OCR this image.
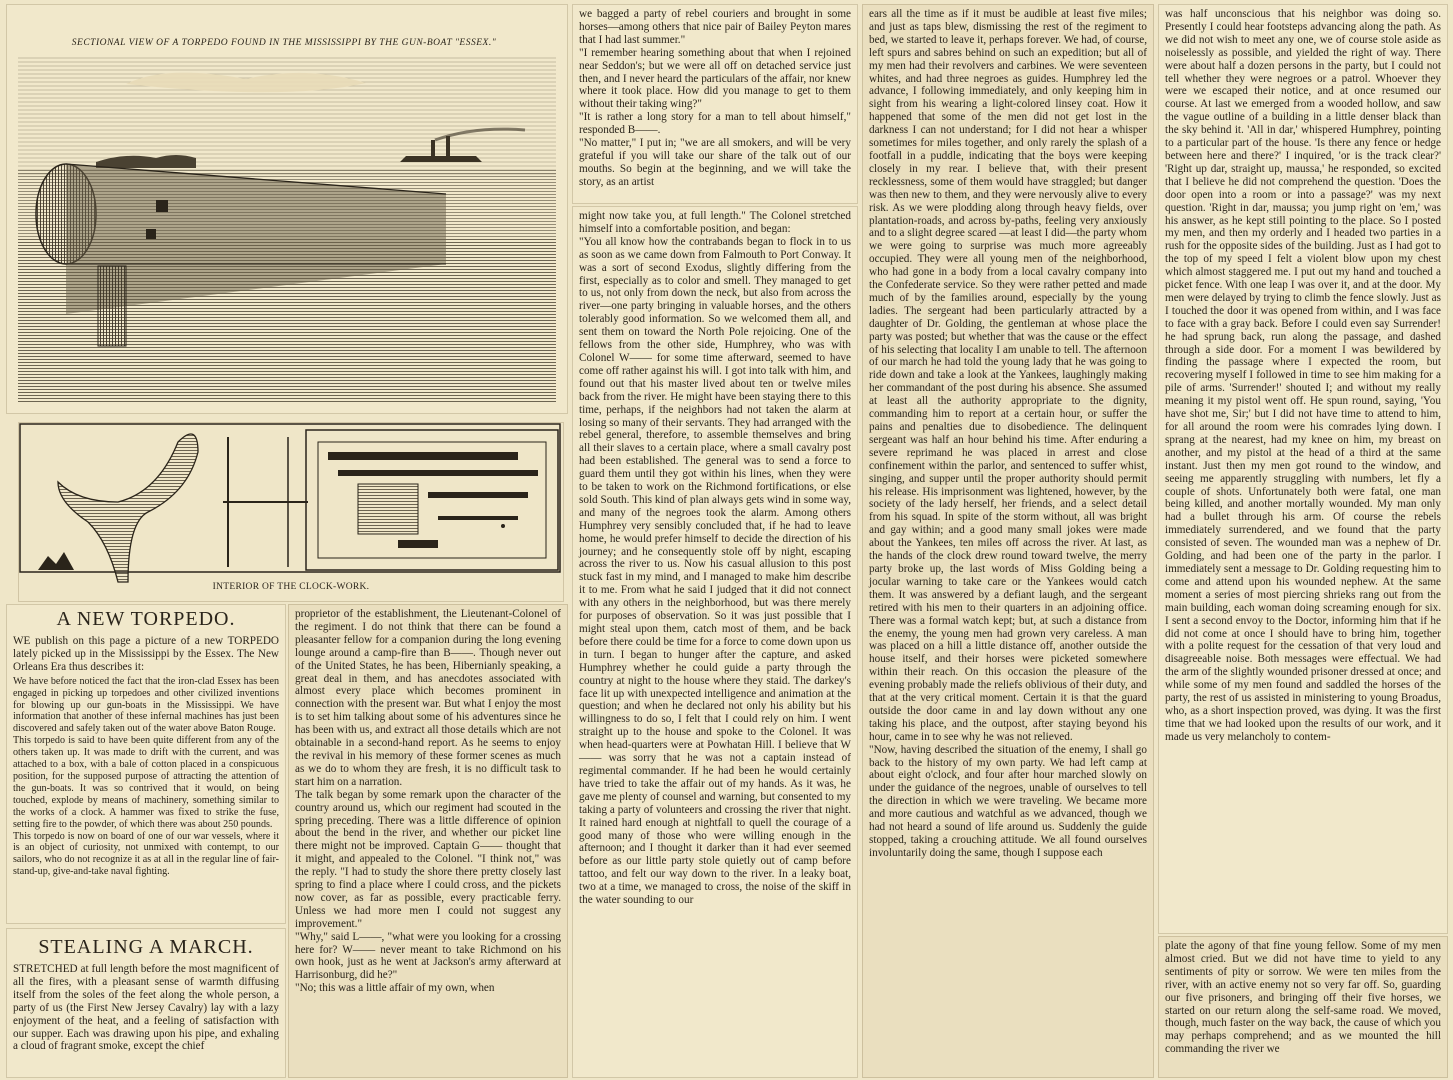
SECTIONAL VIEW OF A TORPEDO FOUND IN THE MISSISSIPPI BY THE GUN-BOAT "ESSEX."
INTERIOR OF THE CLOCK-WORK.
A NEW TORPEDO.

WE publish on this page a picture of a new TORPEDO lately picked up in the Mississippi by the Essex. The New Orleans Era thus describes it:

We have before noticed the fact that the iron-clad Essex has been engaged in picking up torpedoes and other civilized inventions for blowing up our gun-boats in the Mississippi. We have information that another of these infernal machines has just been discovered and safely taken out of the water above Baton Rouge.
This torpedo is said to have been quite different from any of the others taken up. It was made to drift with the current, and was attached to a box, with a bale of cotton placed in a conspicuous position, for the supposed purpose of attracting the attention of the gun-boats. It was so contrived that it would, on being touched, explode by means of machinery, something similar to the works of a clock. A hammer was fixed to strike the fuse, setting fire to the powder, of which there was about 250 pounds.
This torpedo is now on board of one of our war vessels, where it is an object of curiosity, not unmixed with contempt, to our sailors, who do not recognize it as at all in the regular line of fair-stand-up, give-and-take naval fighting.

STEALING A MARCH.

STRETCHED at full length before the most magnificent of all the fires, with a pleasant sense of warmth diffusing itself from the soles of the feet along the whole person, a party of us (the First New Jersey Cavalry) lay with a lazy enjoyment of the heat, and a feeling of satisfaction with our supper. Each was drawing upon his pipe, and exhaling a cloud of fragrant smoke, except the chief

proprietor of the establishment, the Lieutenant-Colonel of the regiment. I do not think that there can be found a pleasanter fellow for a companion during the long evening lounge around a camp-fire than B——. Though never out of the United States, he has been, Hibernianly speaking, a great deal in them, and has anecdotes associated with almost every place which becomes prominent in connection with the present war. But what I enjoy the most is to set him talking about some of his adventures since he has been with us, and extract all those details which are not obtainable in a second-hand report. As he seems to enjoy the revival in his memory of these former scenes as much as we do to whom they are fresh, it is no difficult task to start him on a narration.
The talk began by some remark upon the character of the country around us, which our regiment had scouted in the spring preceding. There was a little difference of opinion about the bend in the river, and whether our picket line there might not be improved. Captain G—— thought that it might, and appealed to the Colonel. "I think not," was the reply. "I had to study the shore there pretty closely last spring to find a place where I could cross, and the pickets now cover, as far as possible, every practicable ferry. Unless we had more men I could not suggest any improvement."
"Why," said L——, "what were you looking for a crossing here for? W—— never meant to take Richmond on his own hook, just as he went at Jackson's army afterward at Harrisonburg, did he?"
"No; this was a little affair of my own, when

we bagged a party of rebel couriers and brought in some horses—among others that nice pair of Bailey Peyton mares that I had last summer."
"I remember hearing something about that when I rejoined near Seddon's; but we were all off on detached service just then, and I never heard the particulars of the affair, nor knew where it took place. How did you manage to get to them without their taking wing?"
"It is rather a long story for a man to tell about himself," responded B——.
"No matter," I put in; "we are all smokers, and will be very grateful if you will take our share of the talk out of our mouths. So begin at the beginning, and we will take the story, as an artist

might now take you, at full length." The Colonel stretched himself into a comfortable position, and began:
"You all know how the contrabands began to flock in to us as soon as we came down from Falmouth to Port Conway. It was a sort of second Exodus, slightly differing from the first, especially as to color and smell. They managed to get to us, not only from down the neck, but also from across the river—one party bringing in valuable horses, and the others tolerably good information. So we welcomed them all, and sent them on toward the North Pole rejoicing. One of the fellows from the other side, Humphrey, who was with Colonel W—— for some time afterward, seemed to have come off rather against his will. I got into talk with him, and found out that his master lived about ten or twelve miles back from the river. He might have been staying there to this time, perhaps, if the neighbors had not taken the alarm at losing so many of their servants. They had arranged with the rebel general, therefore, to assemble themselves and bring all their slaves to a certain place, where a small cavalry post had been established. The general was to send a force to guard them until they got within his lines, when they were to be taken to work on the Richmond fortifications, or else sold South. This kind of plan always gets wind in some way, and many of the negroes took the alarm. Among others Humphrey very sensibly concluded that, if he had to leave home, he would prefer himself to decide the direction of his journey; and he consequently stole off by night, escaping across the river to us. Now his casual allusion to this post stuck fast in my mind, and I managed to make him describe it to me. From what he said I judged that it did not connect with any others in the neighborhood, but was there merely for purposes of observation. So it was just possible that I might steal upon them, catch most of them, and be back before there could be time for a force to come down upon us in turn. I began to hunger after the capture, and asked Humphrey whether he could guide a party through the country at night to the house where they staid. The darkey's face lit up with unexpected intelligence and animation at the question; and when he declared not only his ability but his willingness to do so, I felt that I could rely on him. I went straight up to the house and spoke to the Colonel. It was when head-quarters were at Powhatan Hill. I believe that W—— was sorry that he was not a captain instead of regimental commander. If he had been he would certainly have tried to take the affair out of my hands. As it was, he gave me plenty of counsel and warning, but consented to my taking a party of volunteers and crossing the river that night. It rained hard enough at nightfall to quell the courage of a good many of those who were willing enough in the afternoon; and I thought it darker than it had ever seemed before as our little party stole quietly out of camp before tattoo, and felt our way down to the river. In a leaky boat, two at a time, we managed to cross, the noise of the skiff in the water sounding to our

ears all the time as if it must be audible at least five miles; and just as taps blew, dismissing the rest of the regiment to bed, we started to leave it, perhaps forever. We had, of course, left spurs and sabres behind on such an expedition; but all of my men had their revolvers and carbines. We were seventeen whites, and had three negroes as guides. Humphrey led the advance, I following immediately, and only keeping him in sight from his wearing a light-colored linsey coat. How it happened that some of the men did not get lost in the darkness I can not understand; for I did not hear a whisper sometimes for miles together, and only rarely the splash of a footfall in a puddle, indicating that the boys were keeping closely in my rear. I believe that, with their present recklessness, some of them would have straggled; but danger was then new to them, and they were nervously alive to every risk. As we were plodding along through heavy fields, over plantation-roads, and across by-paths, feeling very anxiously and to a slight degree scared —at least I did—the party whom we were going to surprise was much more agreeably occupied. They were all young men of the neighborhood, who had gone in a body from a local cavalry company into the Confederate service. So they were rather petted and made much of by the families around, especially by the young ladies. The sergeant had been particularly attracted by a daughter of Dr. Golding, the gentleman at whose place the party was posted; but whether that was the cause or the effect of his selecting that locality I am unable to tell. The afternoon of our march he had told the young lady that he was going to ride down and take a look at the Yankees, laughingly making her commandant of the post during his absence. She assumed at least all the authority appropriate to the dignity, commanding him to report at a certain hour, or suffer the pains and penalties due to disobedience. The delinquent sergeant was half an hour behind his time. After enduring a severe reprimand he was placed in arrest and close confinement within the parlor, and sentenced to suffer whist, singing, and supper until the proper authority should permit his release. His imprisonment was lightened, however, by the society of the lady herself, her friends, and a select detail from his squad. In spite of the storm without, all was bright and gay within; and a good many small jokes were made about the Yankees, ten miles off across the river. At last, as the hands of the clock drew round toward twelve, the merry party broke up, the last words of Miss Golding being a jocular warning to take care or the Yankees would catch them. It was answered by a defiant laugh, and the sergeant retired with his men to their quarters in an adjoining office. There was a formal watch kept; but, at such a distance from the enemy, the young men had grown very careless. A man was placed on a hill a little distance off, another outside the house itself, and their horses were picketed somewhere within their reach. On this occasion the pleasure of the evening probably made the reliefs oblivious of their duty, and that at the very critical moment. Certain it is that the guard outside the door came in and lay down without any one taking his place, and the outpost, after staying beyond his hour, came in to see why he was not relieved.
"Now, having described the situation of the enemy, I shall go back to the history of my own party. We had left camp at about eight o'clock, and four after hour marched slowly on under the guidance of the negroes, unable of ourselves to tell the direction in which we were traveling. We became more and more cautious and watchful as we advanced, though we had not heard a sound of life around us. Suddenly the guide stopped, taking a crouching attitude. We all found ourselves involuntarily doing the same, though I suppose each

was half unconscious that his neighbor was doing so. Presently I could hear footsteps advancing along the path. As we did not wish to meet any one, we of course stole aside as noiselessly as possible, and yielded the right of way. There were about half a dozen persons in the party, but I could not tell whether they were negroes or a patrol. Whoever they were we escaped their notice, and at once resumed our course. At last we emerged from a wooded hollow, and saw the vague outline of a building in a little denser black than the sky behind it. 'All in dar,' whispered Humphrey, pointing to a particular part of the house. 'Is there any fence or hedge between here and there?' I inquired, 'or is the track clear?' 'Right up dar, straight up, maussa,' he responded, so excited that I believe he did not comprehend the question. 'Does the door open into a room or into a passage?' was my next question. 'Right in dar, maussa; you jump right on 'em,' was his answer, as he kept still pointing to the place. So I posted my men, and then my orderly and I headed two parties in a rush for the opposite sides of the building. Just as I had got to the top of my speed I felt a violent blow upon my chest which almost staggered me. I put out my hand and touched a picket fence. With one leap I was over it, and at the door. My men were delayed by trying to climb the fence slowly. Just as I touched the door it was opened from within, and I was face to face with a gray back. Before I could even say Surrender! he had sprung back, run along the passage, and dashed through a side door. For a moment I was bewildered by finding the passage where I expected the room, but recovering myself I followed in time to see him making for a pile of arms. 'Surrender!' shouted I; and without my really meaning it my pistol went off. He spun round, saying, 'You have shot me, Sir;' but I did not have time to attend to him, for all around the room were his comrades lying down. I sprang at the nearest, had my knee on him, my breast on another, and my pistol at the head of a third at the same instant. Just then my men got round to the window, and seeing me apparently struggling with numbers, let fly a couple of shots. Unfortunately both were fatal, one man being killed, and another mortally wounded. My man only had a bullet through his arm. Of course the rebels immediately surrendered, and we found that the party consisted of seven. The wounded man was a nephew of Dr. Golding, and had been one of the party in the parlor. I immediately sent a message to Dr. Golding requesting him to come and attend upon his wounded nephew. At the same moment a series of most piercing shrieks rang out from the main building, each woman doing screaming enough for six. I sent a second envoy to the Doctor, informing him that if he did not come at once I should have to bring him, together with a polite request for the cessation of that very loud and disagreeable noise. Both messages were effectual. We had the arm of the slightly wounded prisoner dressed at once; and while some of my men found and saddled the horses of the party, the rest of us assisted in ministering to young Broadus, who, as a short inspection proved, was dying. It was the first time that we had looked upon the results of our work, and it made us very melancholy to contem-

plate the agony of that fine young fellow. Some of my men almost cried. But we did not have time to yield to any sentiments of pity or sorrow. We were ten miles from the river, with an active enemy not so very far off. So, guarding our five prisoners, and bringing off their five horses, we started on our return along the self-same road. We moved, though, much faster on the way back, the cause of which you may perhaps comprehend; and as we mounted the hill commanding the river we
